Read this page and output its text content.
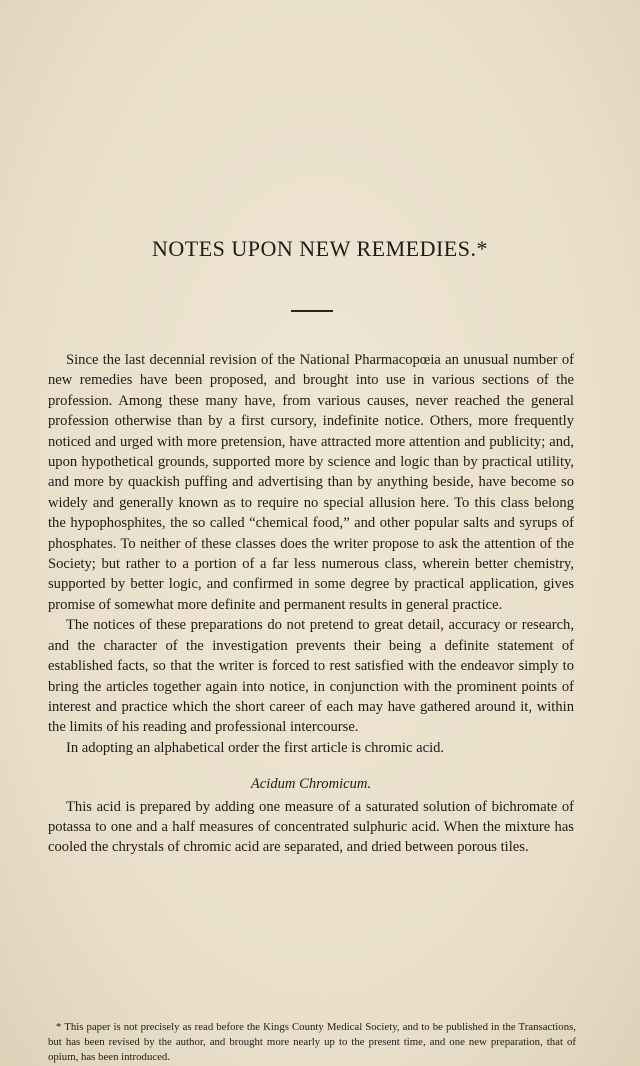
NOTES UPON NEW REMEDIES.*

Since the last decennial revision of the National Pharmacopœia an unusual number of new remedies have been proposed, and brought into use in various sections of the profession. Among these many have, from various causes, never reached the general profession otherwise than by a first cursory, indefinite notice. Others, more frequently noticed and urged with more pretension, have attracted more attention and publicity; and, upon hypothetical grounds, supported more by science and logic than by practical utility, and more by quackish puffing and advertising than by anything beside, have become so widely and generally known as to require no special allusion here. To this class belong the hypophosphites, the so called “chemical food,” and other popular salts and syrups of phosphates. To neither of these classes does the writer propose to ask the attention of the Society; but rather to a portion of a far less numerous class, wherein better chemistry, supported by better logic, and confirmed in some degree by practical application, gives promise of somewhat more definite and permanent results in general practice.

The notices of these preparations do not pretend to great detail, accuracy or research, and the character of the investigation prevents their being a definite statement of established facts, so that the writer is forced to rest satisfied with the endeavor simply to bring the articles together again into notice, in conjunction with the prominent points of interest and practice which the short career of each may have gathered around it, within the limits of his reading and professional intercourse.

In adopting an alphabetical order the first article is chromic acid.

Acidum Chromicum.

This acid is prepared by adding one measure of a saturated solution of bichromate of potassa to one and a half measures of concentrated sulphuric acid. When the mixture has cooled the chrystals of chromic acid are separated, and dried between porous tiles.

* This paper is not precisely as read before the Kings County Medical Society, and to be published in the Transactions, but has been revised by the author, and brought more nearly up to the present time, and one new preparation, that of opium, has been introduced.
